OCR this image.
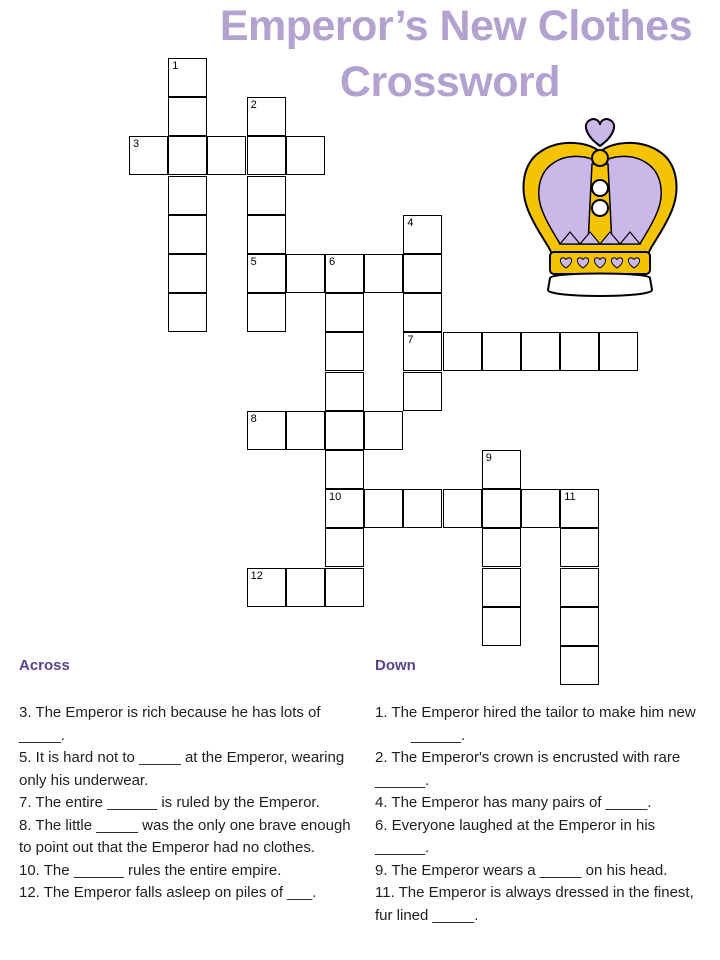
Emperor’s New Clothes
Crossword
1
2
5
3
4
7
6
10
8
9
11
12
Across	Down
3. The Emperor is rich because he has lots of _____.
5. It is hard not to _____ at the Emperor, wearing only his underwear.
7. The entire ______ is ruled by the Emperor.
8. The little _____ was the only one brave enough to point out that the Emperor had no clothes.
10. The ______ rules the entire empire.
12. The Emperor falls asleep on piles of ___.
1. The Emperor hired the tailor to make him new ______.
2. The Emperor's crown is encrusted with rare ______.
4. The Emperor has many pairs of _____.
6. Everyone laughed at the Emperor in his ______.
9. The Emperor wears a _____ on his head.
11. The Emperor is always dressed in the finest, fur lined _____.
